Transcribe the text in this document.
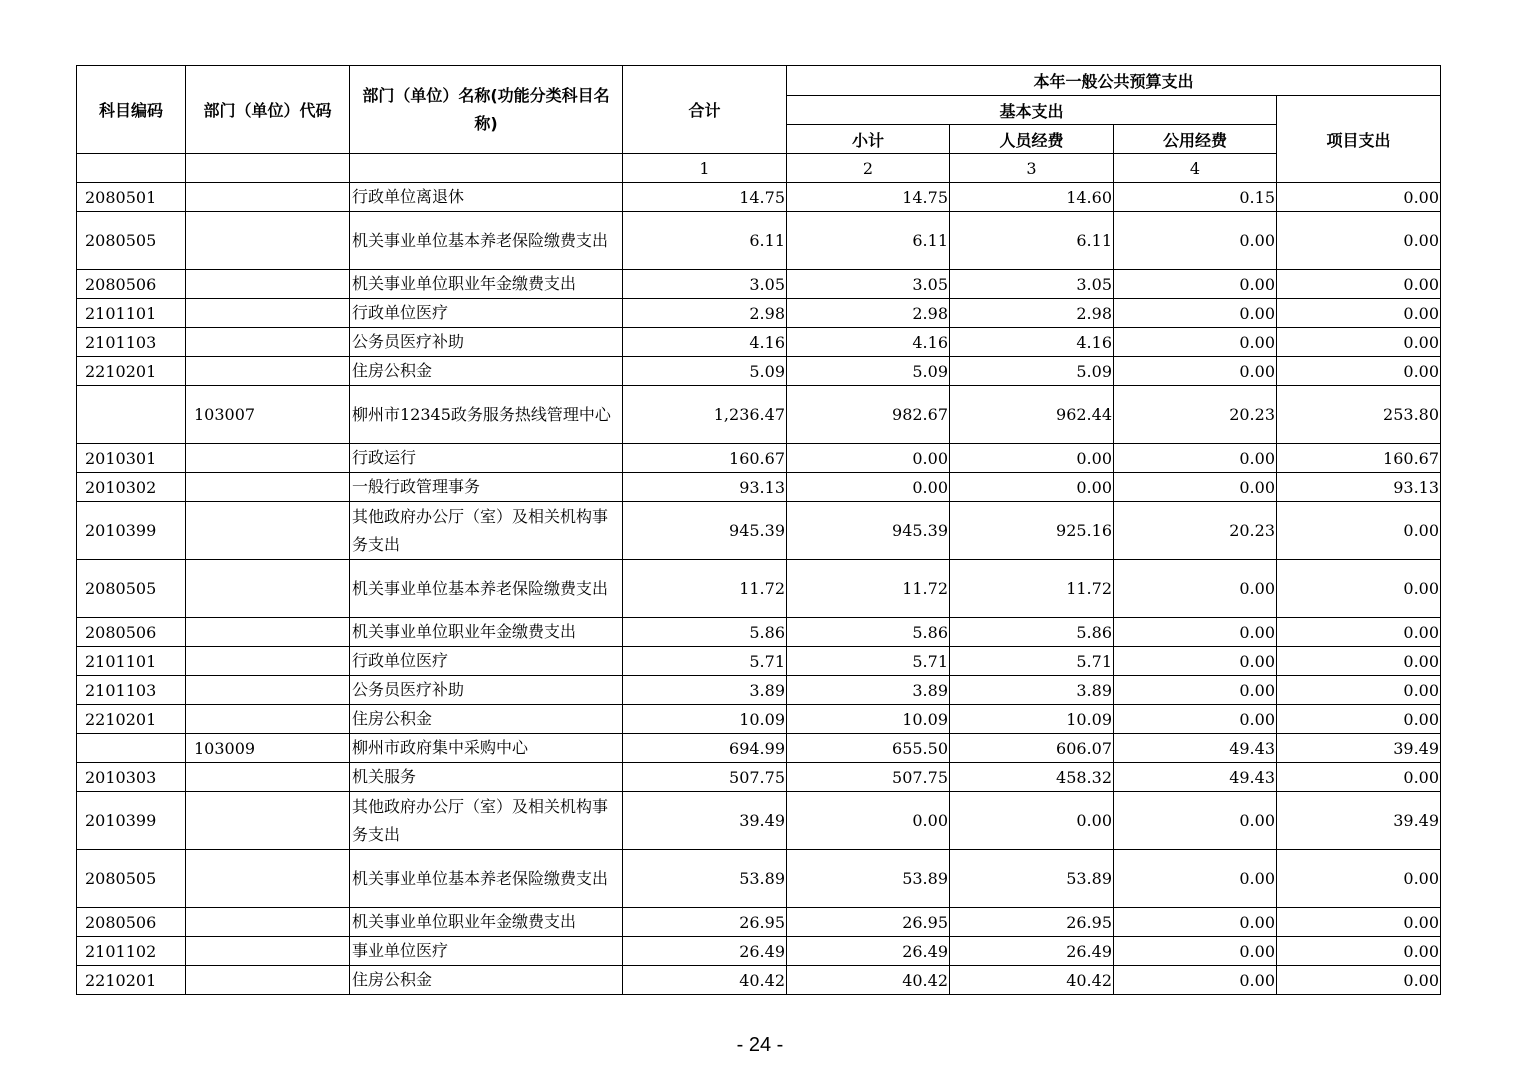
科目编码	部门（单位）代码	部门（单位）名称(功能分类科目名称)	合计	本年一般公共预算支出			
				基本支出			项目支出
				小计	人员经费	公用经费	
			1	2	3	4	
2080501		行政单位离退休	14.75	14.75	14.60	0.15	0.00
2080505		机关事业单位基本养老保险缴费支出	6.11	6.11	6.11	0.00	0.00
2080506		机关事业单位职业年金缴费支出	3.05	3.05	3.05	0.00	0.00
2101101		行政单位医疗	2.98	2.98	2.98	0.00	0.00
2101103		公务员医疗补助	4.16	4.16	4.16	0.00	0.00
2210201		住房公积金	5.09	5.09	5.09	0.00	0.00
	103007	柳州市12345政务服务热线管理中心	1,236.47	982.67	962.44	20.23	253.80
2010301		行政运行	160.67	0.00	0.00	0.00	160.67
2010302		一般行政管理事务	93.13	0.00	0.00	0.00	93.13
2010399		其他政府办公厅（室）及相关机构事务支出	945.39	945.39	925.16	20.23	0.00
2080505		机关事业单位基本养老保险缴费支出	11.72	11.72	11.72	0.00	0.00
2080506		机关事业单位职业年金缴费支出	5.86	5.86	5.86	0.00	0.00
2101101		行政单位医疗	5.71	5.71	5.71	0.00	0.00
2101103		公务员医疗补助	3.89	3.89	3.89	0.00	0.00
2210201		住房公积金	10.09	10.09	10.09	0.00	0.00
	103009	柳州市政府集中采购中心	694.99	655.50	606.07	49.43	39.49
2010303		机关服务	507.75	507.75	458.32	49.43	0.00
2010399		其他政府办公厅（室）及相关机构事务支出	39.49	0.00	0.00	0.00	39.49
2080505		机关事业单位基本养老保险缴费支出	53.89	53.89	53.89	0.00	0.00
2080506		机关事业单位职业年金缴费支出	26.95	26.95	26.95	0.00	0.00
2101102		事业单位医疗	26.49	26.49	26.49	0.00	0.00
2210201		住房公积金	40.42	40.42	40.42	0.00	0.00
- 24 -
